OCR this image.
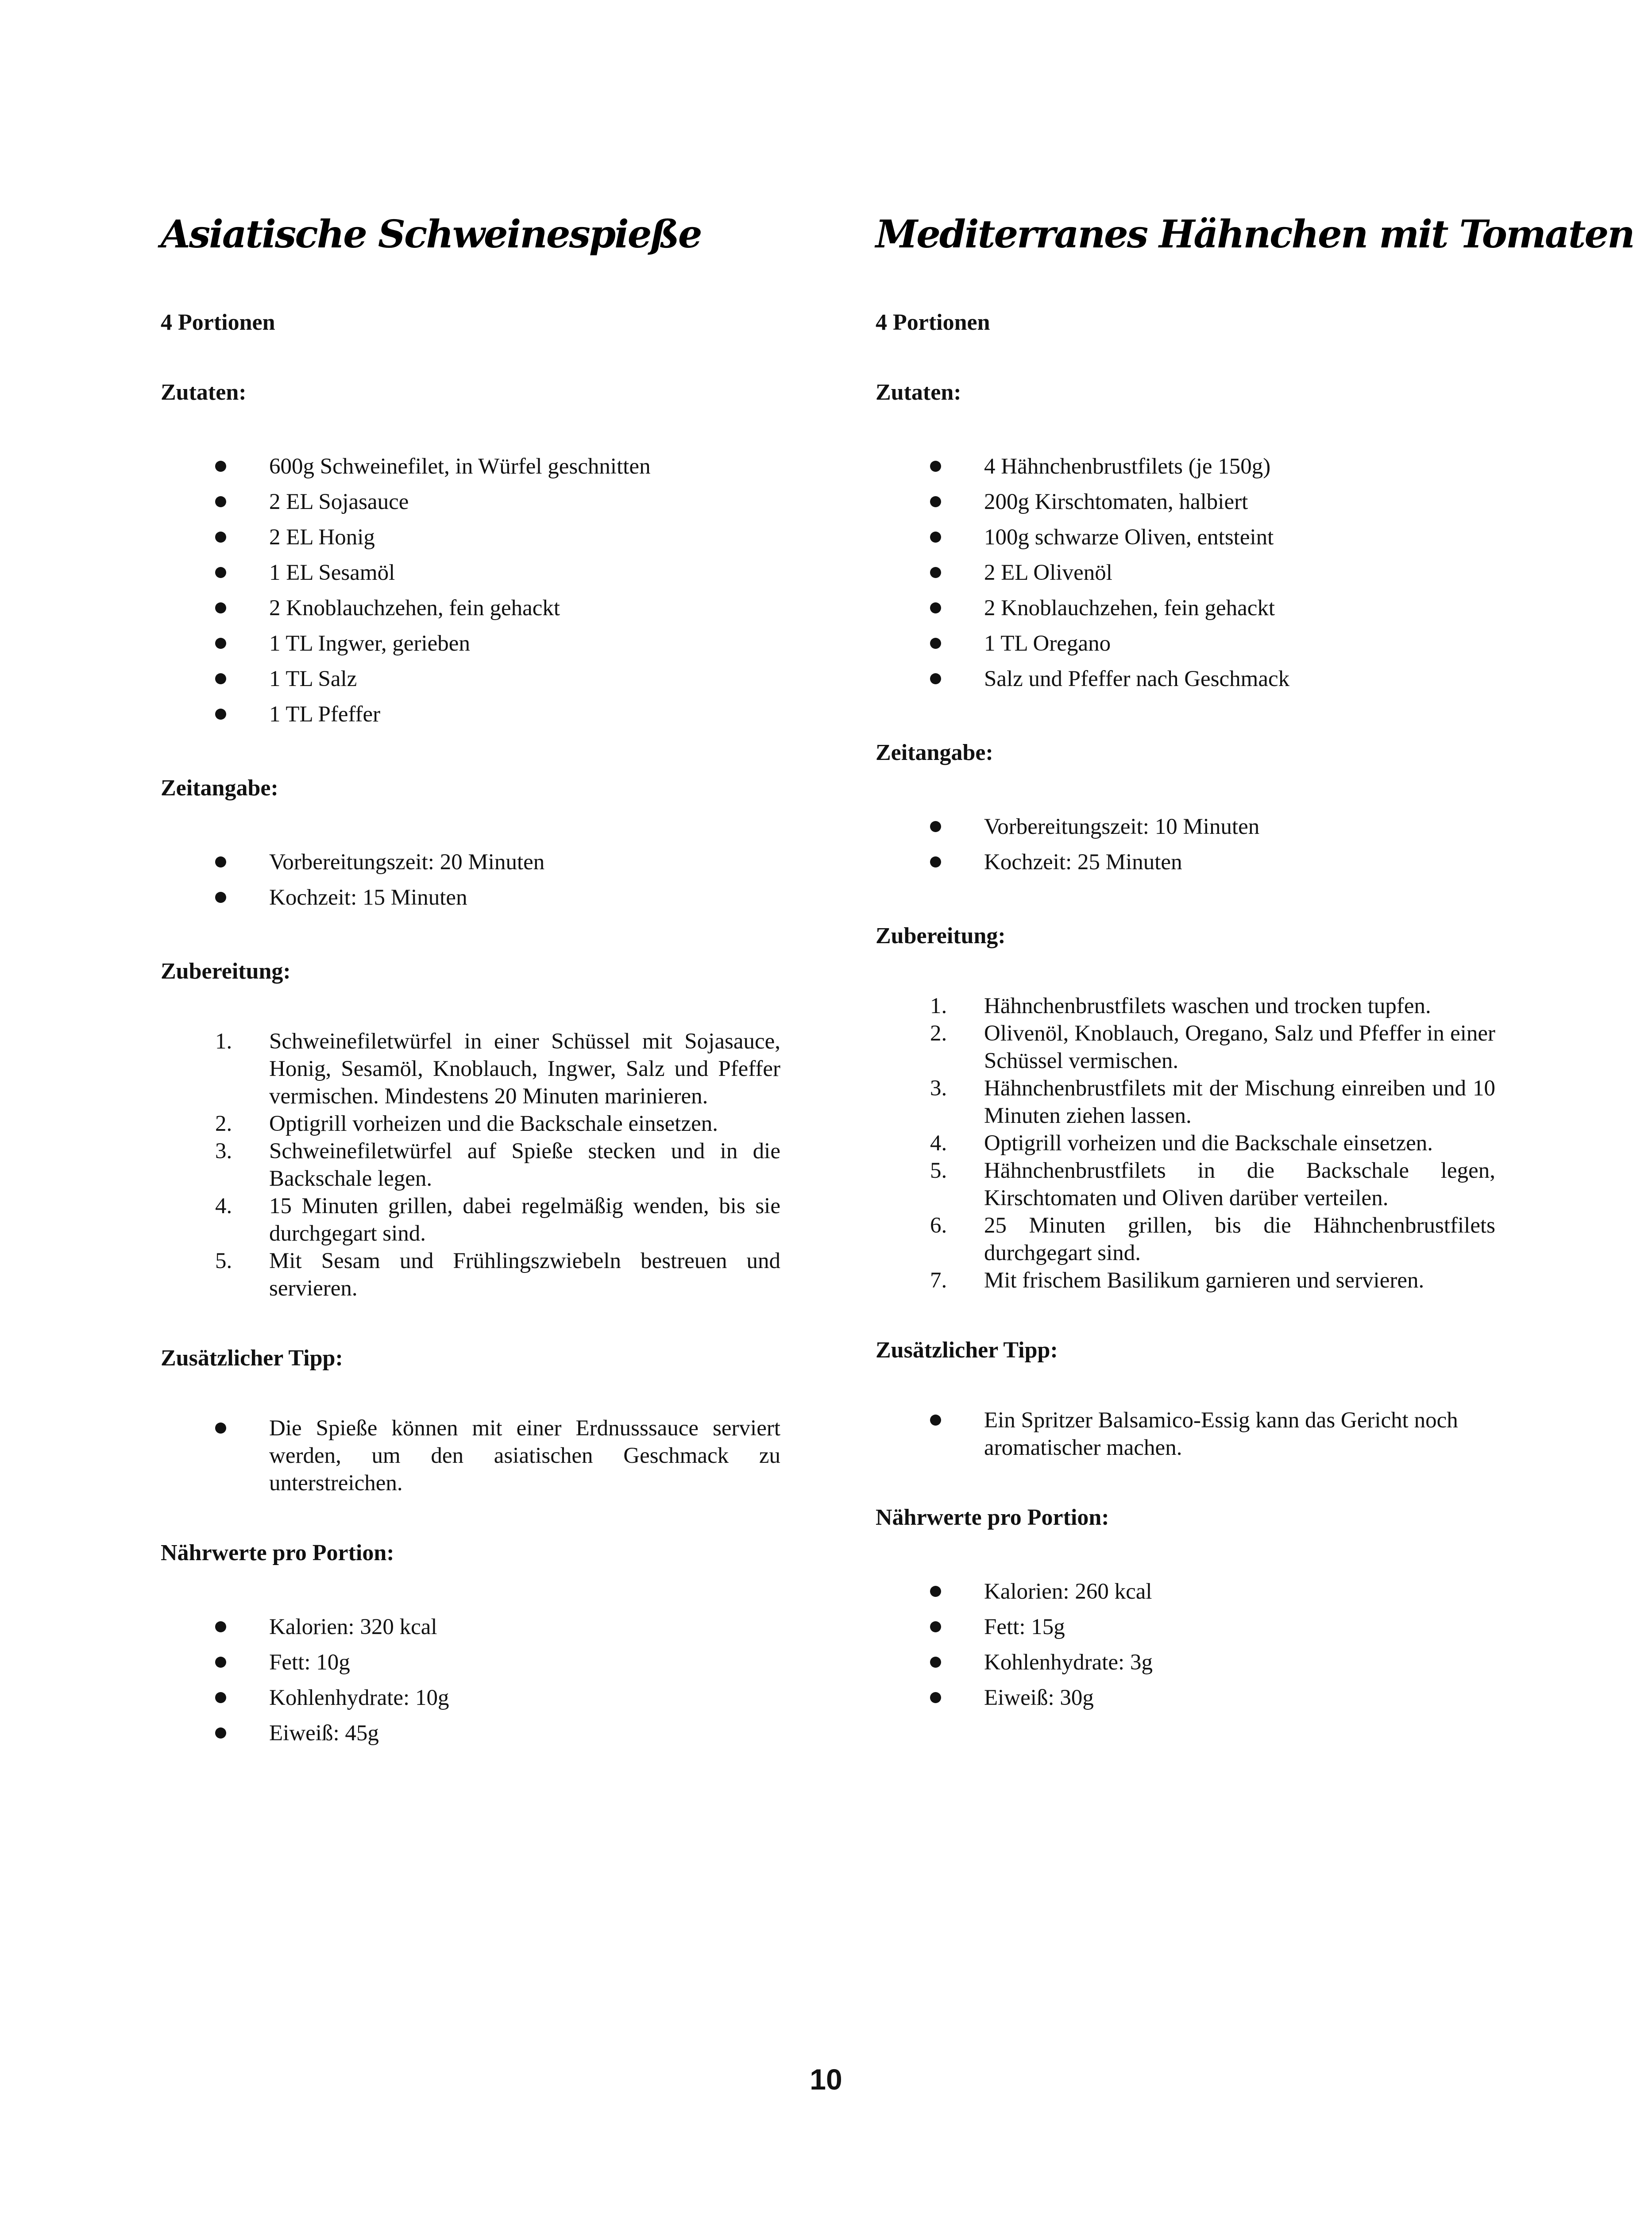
Asiatische Schweinespieße
4 Portionen
Zutaten:
600g Schweinefilet, in Würfel geschnitten
2 EL Sojasauce
2 EL Honig
1 EL Sesamöl
2 Knoblauchzehen, fein gehackt
1 TL Ingwer, gerieben
1 TL Salz
1 TL Pfeffer
Zeitangabe:
Vorbereitungszeit: 20 Minuten
Kochzeit: 15 Minuten
Zubereitung:
1. Schweinefiletwürfel in einer Schüssel mit Sojasauce, Honig, Sesamöl, Knoblauch, Ingwer, Salz und Pfeffer vermischen. Mindestens 20 Minuten marinieren.
2. Optigrill vorheizen und die Backschale einsetzen.
3. Schweinefiletwürfel auf Spieße stecken und in die Backschale legen.
4. 15 Minuten grillen, dabei regelmäßig wenden, bis sie durchgegart sind.
5. Mit Sesam und Frühlingszwiebeln bestreuen und servieren.
Zusätzlicher Tipp:
Die Spieße können mit einer Erdnusssauce serviert werden, um den asiatischen Geschmack zu unterstreichen.
Nährwerte pro Portion:
Kalorien: 320 kcal
Fett: 10g
Kohlenhydrate: 10g
Eiweiß: 45g
Mediterranes Hähnchen mit Tomaten
4 Portionen
Zutaten:
4 Hähnchenbrustfilets (je 150g)
200g Kirschtomaten, halbiert
100g schwarze Oliven, entsteint
2 EL Olivenöl
2 Knoblauchzehen, fein gehackt
1 TL Oregano
Salz und Pfeffer nach Geschmack
Zeitangabe:
Vorbereitungszeit: 10 Minuten
Kochzeit: 25 Minuten
Zubereitung:
1. Hähnchenbrustfilets waschen und trocken tupfen.
2. Olivenöl, Knoblauch, Oregano, Salz und Pfeffer in einer Schüssel vermischen.
3. Hähnchenbrustfilets mit der Mischung einreiben und 10 Minuten ziehen lassen.
4. Optigrill vorheizen und die Backschale einsetzen.
5. Hähnchenbrustfilets in die Backschale legen, Kirschtomaten und Oliven darüber verteilen.
6. 25 Minuten grillen, bis die Hähnchenbrustfilets durchgegart sind.
7. Mit frischem Basilikum garnieren und servieren.
Zusätzlicher Tipp:
Ein Spritzer Balsamico-Essig kann das Gericht noch aromatischer machen.
Nährwerte pro Portion:
Kalorien: 260 kcal
Fett: 15g
Kohlenhydrate: 3g
Eiweiß: 30g
10
